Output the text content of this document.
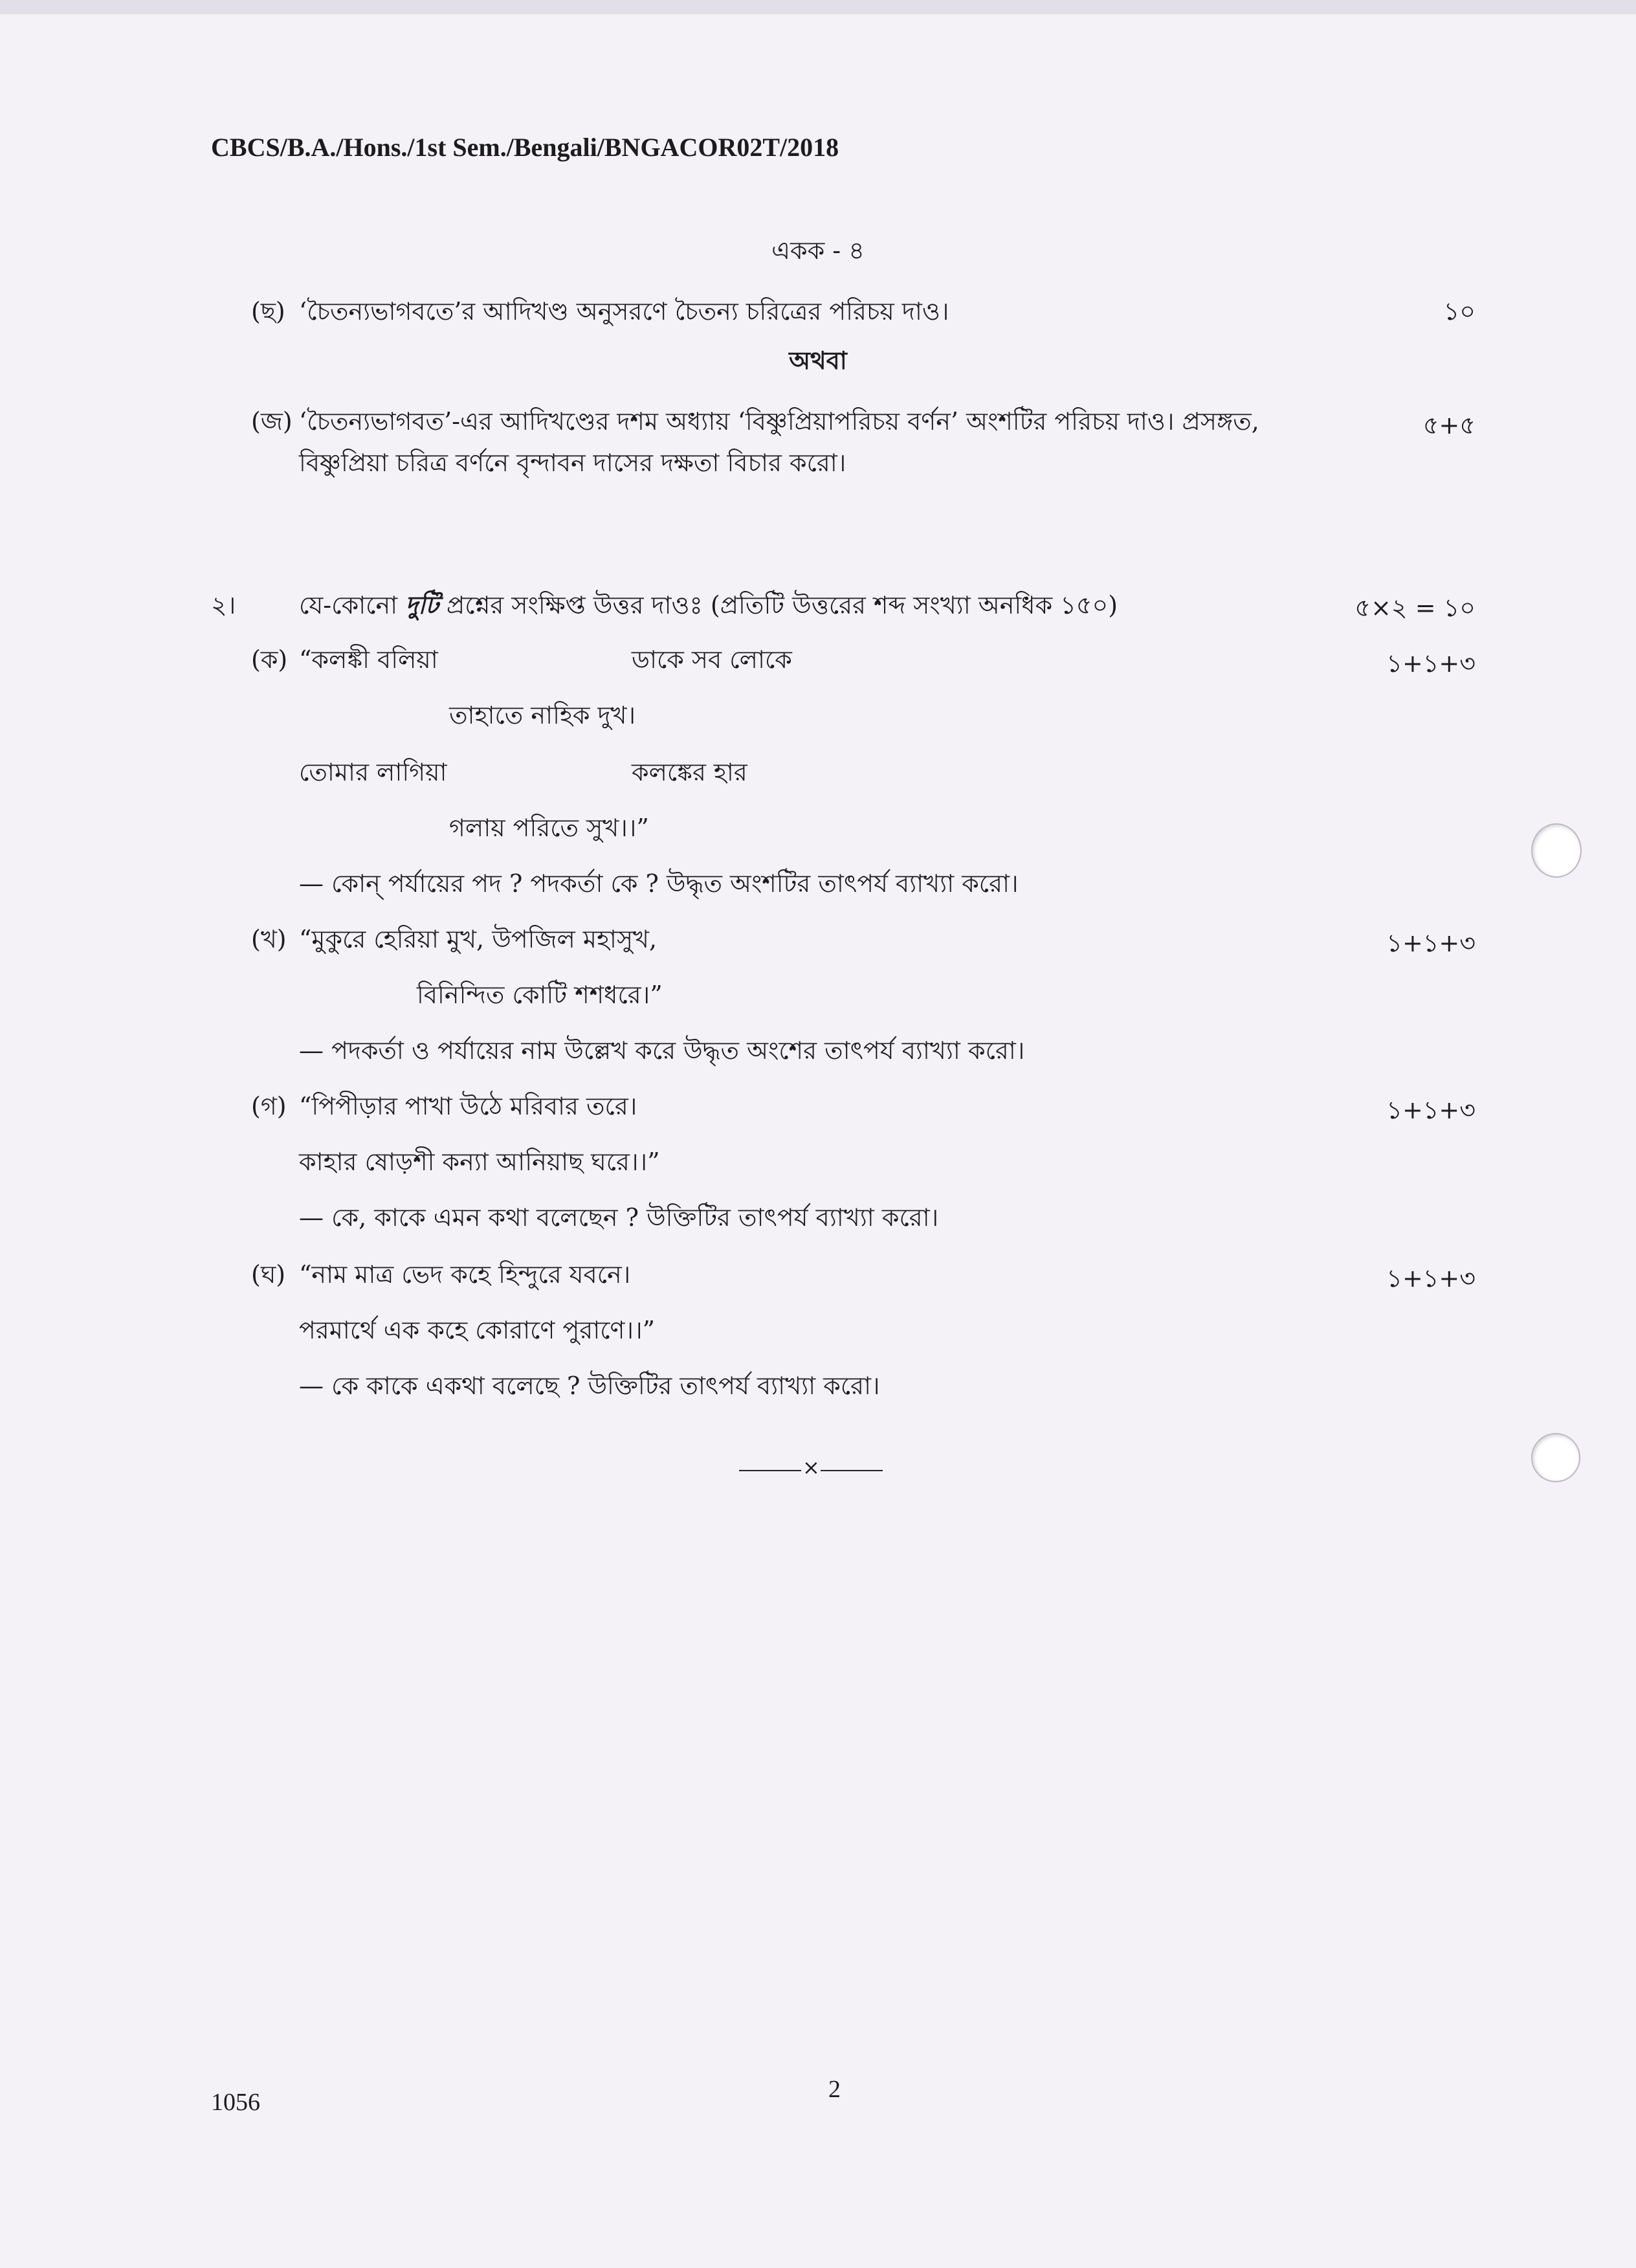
CBCS/B.A./Hons./1st Sem./Bengali/BNGACOR02T/2018
একক - ৪
(ছ) ‘চৈতন্যভাগবতে’র আদিখণ্ড অনুসরণে চৈতন্য চরিত্রের পরিচয় দাও।	১০
অথবা
(জ) ‘চৈতন্যভাগবত’-এর আদিখণ্ডের দশম অধ্যায় ‘বিষ্ণুপ্রিয়াপরিচয় বর্ণন’ অংশটির পরিচয় দাও। প্রসঙ্গত,
বিষ্ণুপ্রিয়া চরিত্র বর্ণনে বৃন্দাবন দাসের দক্ষতা বিচার করো।
৫+৫
২।	যে-কোনো দুটি প্রশ্নের সংক্ষিপ্ত উত্তর দাওঃ (প্রতিটি উত্তরের শব্দ সংখ্যা অনধিক ১৫০)	৫×২ = ১০
(ক) “কলঙ্কী বলিয়া	ডাকে সব লোকে
তাহাতে নাহিক দুখ।
তোমার লাগিয়া	কলঙ্কের হার
গলায় পরিতে সুখ।।”
— কোন্ পর্যায়ের পদ ? পদকর্তা কে ? উদ্ধৃত অংশটির তাৎপর্য ব্যাখ্যা করো।
১+১+৩
(খ) “মুকুরে হেরিয়া মুখ, উপজিল মহাসুখ,
বিনিন্দিত কোটি শশধরে।”
— পদকর্তা ও পর্যায়ের নাম উল্লেখ করে উদ্ধৃত অংশের তাৎপর্য ব্যাখ্যা করো।
১+১+৩
(গ) “পিপীড়ার পাখা উঠে মরিবার তরে।
কাহার ষোড়শী কন্যা আনিয়াছ ঘরে।।”
— কে, কাকে এমন কথা বলেছেন ? উক্তিটির তাৎপর্য ব্যাখ্যা করো।
১+১+৩
(ঘ) “নাম মাত্র ভেদ কহে হিন্দুরে যবনে।
পরমার্থে এক কহে কোরাণে পুরাণে।।”
— কে কাকে একথা বলেছে ? উক্তিটির তাৎপর্য ব্যাখ্যা করো।
১+১+৩
×
1056	2
